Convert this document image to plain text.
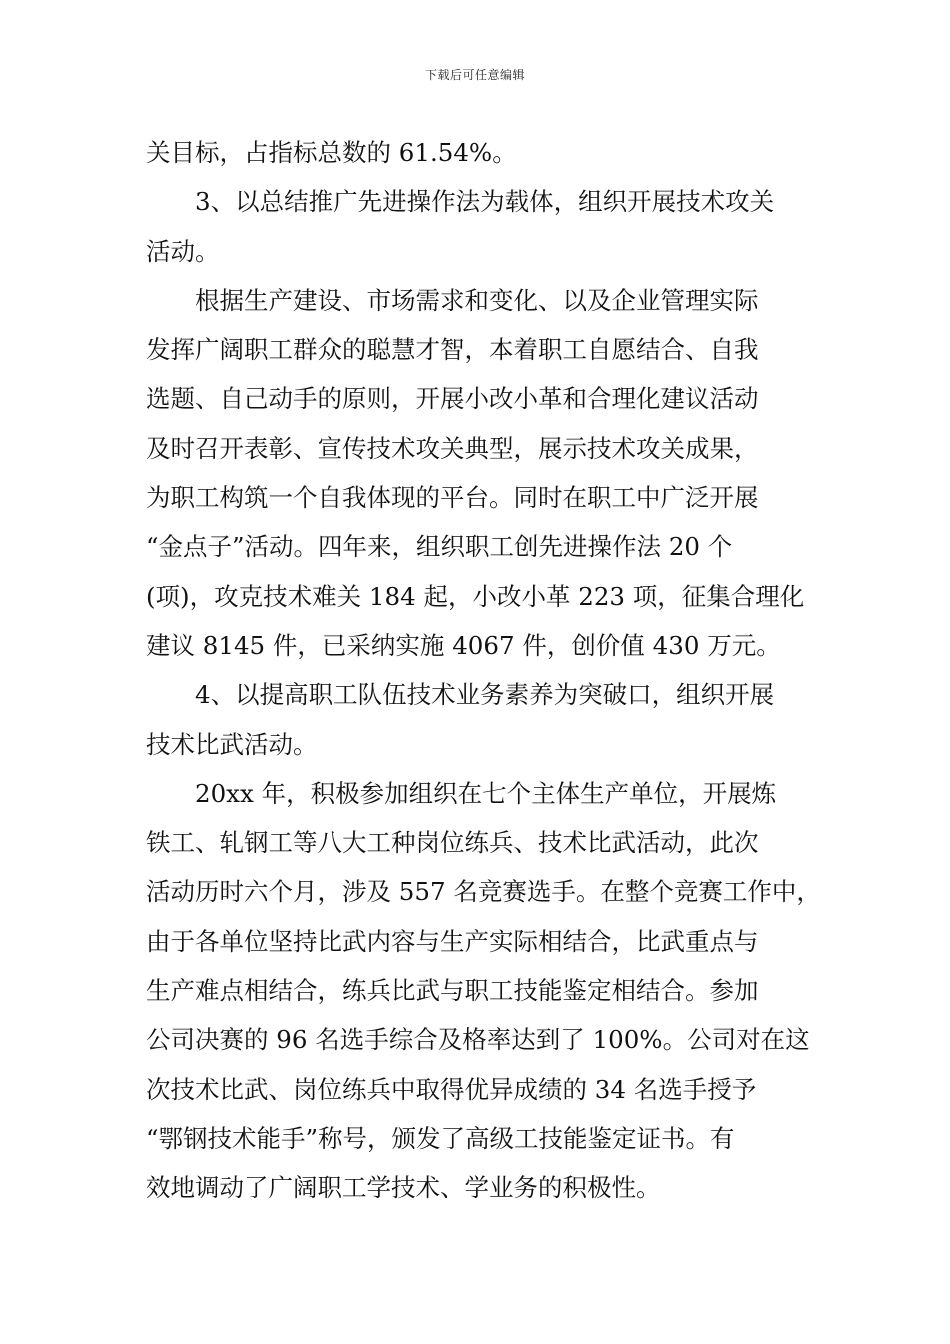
下载后可任意编辑
关目标，占指标总数的 61.54%。
　　3、以总结推广先进操作法为载体，组织开展技术攻关
活动。
　　根据生产建设、市场需求和变化、以及企业管理实际
发挥广阔职工群众的聪慧才智，本着职工自愿结合、自我
选题、自己动手的原则，开展小改小革和合理化建议活动
及时召开表彰、宣传技术攻关典型，展示技术攻关成果，
为职工构筑一个自我体现的平台。同时在职工中广泛开展
“金点子”活动。四年来，组织职工创先进操作法 20 个
(项)，攻克技术难关 184 起，小改小革 223 项，征集合理化
建议 8145 件，已采纳实施 4067 件，创价值 430 万元。
　　4、以提高职工队伍技术业务素养为突破口，组织开展
技术比武活动。
　　20xx 年，积极参加组织在七个主体生产单位，开展炼
铁工、轧钢工等八大工种岗位练兵、技术比武活动，此次
活动历时六个月，涉及 557 名竞赛选手。在整个竞赛工作中，
由于各单位坚持比武内容与生产实际相结合，比武重点与
生产难点相结合，练兵比武与职工技能鉴定相结合。参加
公司决赛的 96 名选手综合及格率达到了 100%。公司对在这
次技术比武、岗位练兵中取得优异成绩的 34 名选手授予
“鄂钢技术能手”称号，颁发了高级工技能鉴定证书。有
效地调动了广阔职工学技术、学业务的积极性。
